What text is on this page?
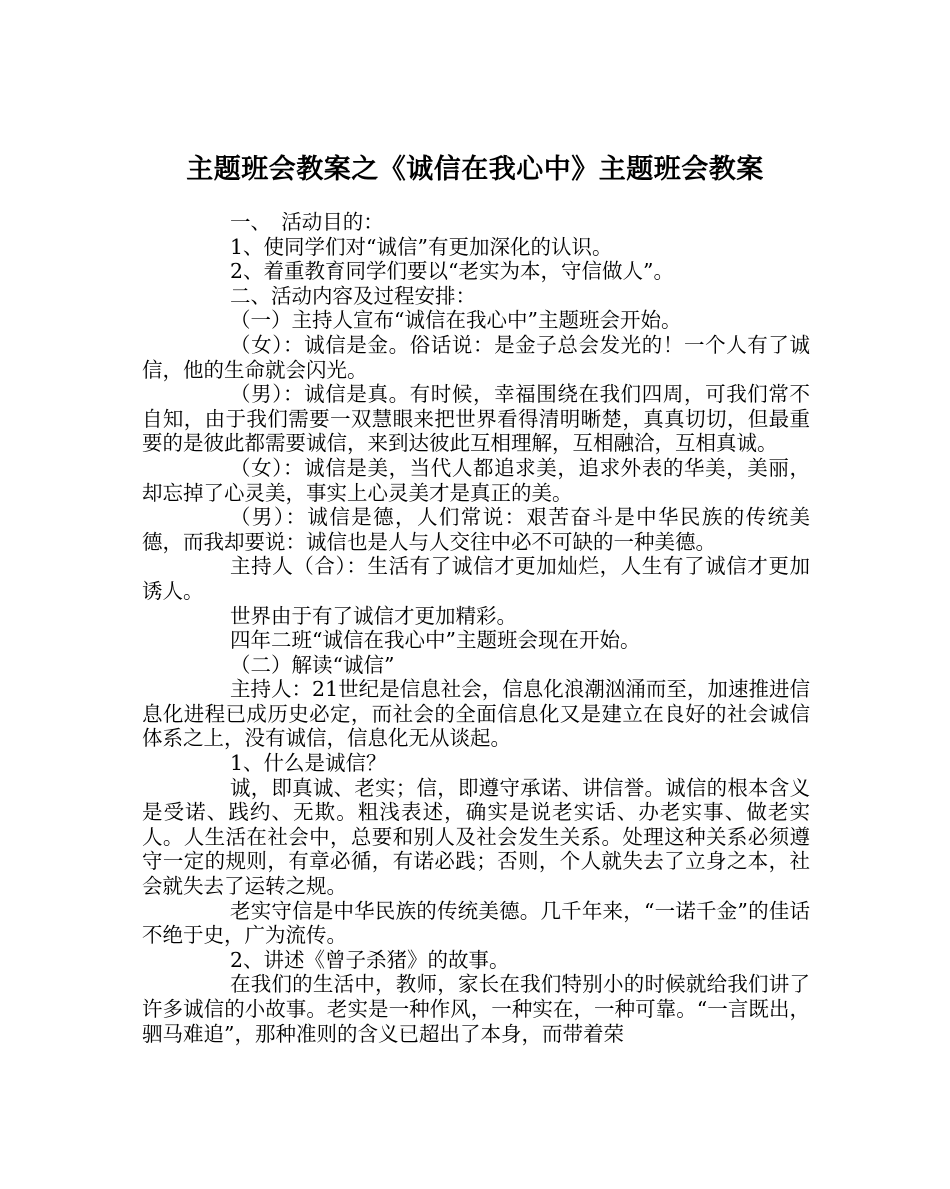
主题班会教案之《诚信在我心中》主题班会教案

一、　活动目的：

1、使同学们对“诚信”有更加深化的认识。

2、着重教育同学们要以“老实为本，守信做人”。

二、活动内容及过程安排：

（一）主持人宣布“诚信在我心中”主题班会开始。

（女）：诚信是金。俗话说：是金子总会发光的！一个人有了诚信，他的生命就会闪光。

（男）：诚信是真。有时候，幸福围绕在我们四周，可我们常不自知，由于我们需要一双慧眼来把世界看得清明晰楚，真真切切，但最重要的是彼此都需要诚信，来到达彼此互相理解，互相融洽，互相真诚。

（女）：诚信是美，当代人都追求美，追求外表的华美，美丽，却忘掉了心灵美，事实上心灵美才是真正的美。

（男）：诚信是德，人们常说：艰苦奋斗是中华民族的传统美德，而我却要说：诚信也是人与人交往中必不可缺的一种美德。

主持人（合）：生活有了诚信才更加灿烂，人生有了诚信才更加诱人。

世界由于有了诚信才更加精彩。

四年二班“诚信在我心中”主题班会现在开始。

（二）解读“诚信”

主持人：21世纪是信息社会，信息化浪潮汹涌而至，加速推进信息化进程已成历史必定，而社会的全面信息化又是建立在良好的社会诚信体系之上，没有诚信，信息化无从谈起。

1、什么是诚信？

诚，即真诚、老实；信，即遵守承诺、讲信誉。诚信的根本含义是受诺、践约、无欺。粗浅表述，确实是说老实话、办老实事、做老实人。人生活在社会中，总要和别人及社会发生关系。处理这种关系必须遵守一定的规则，有章必循，有诺必践；否则，个人就失去了立身之本，社会就失去了运转之规。

老实守信是中华民族的传统美德。几千年来，“一诺千金”的佳话不绝于史，广为流传。

2、讲述《曾子杀猪》的故事。

在我们的生活中，教师，家长在我们特别小的时候就给我们讲了许多诚信的小故事。老实是一种作风，一种实在，一种可靠。“一言既出，驷马难追”，那种准则的含义已超出了本身，而带着荣
